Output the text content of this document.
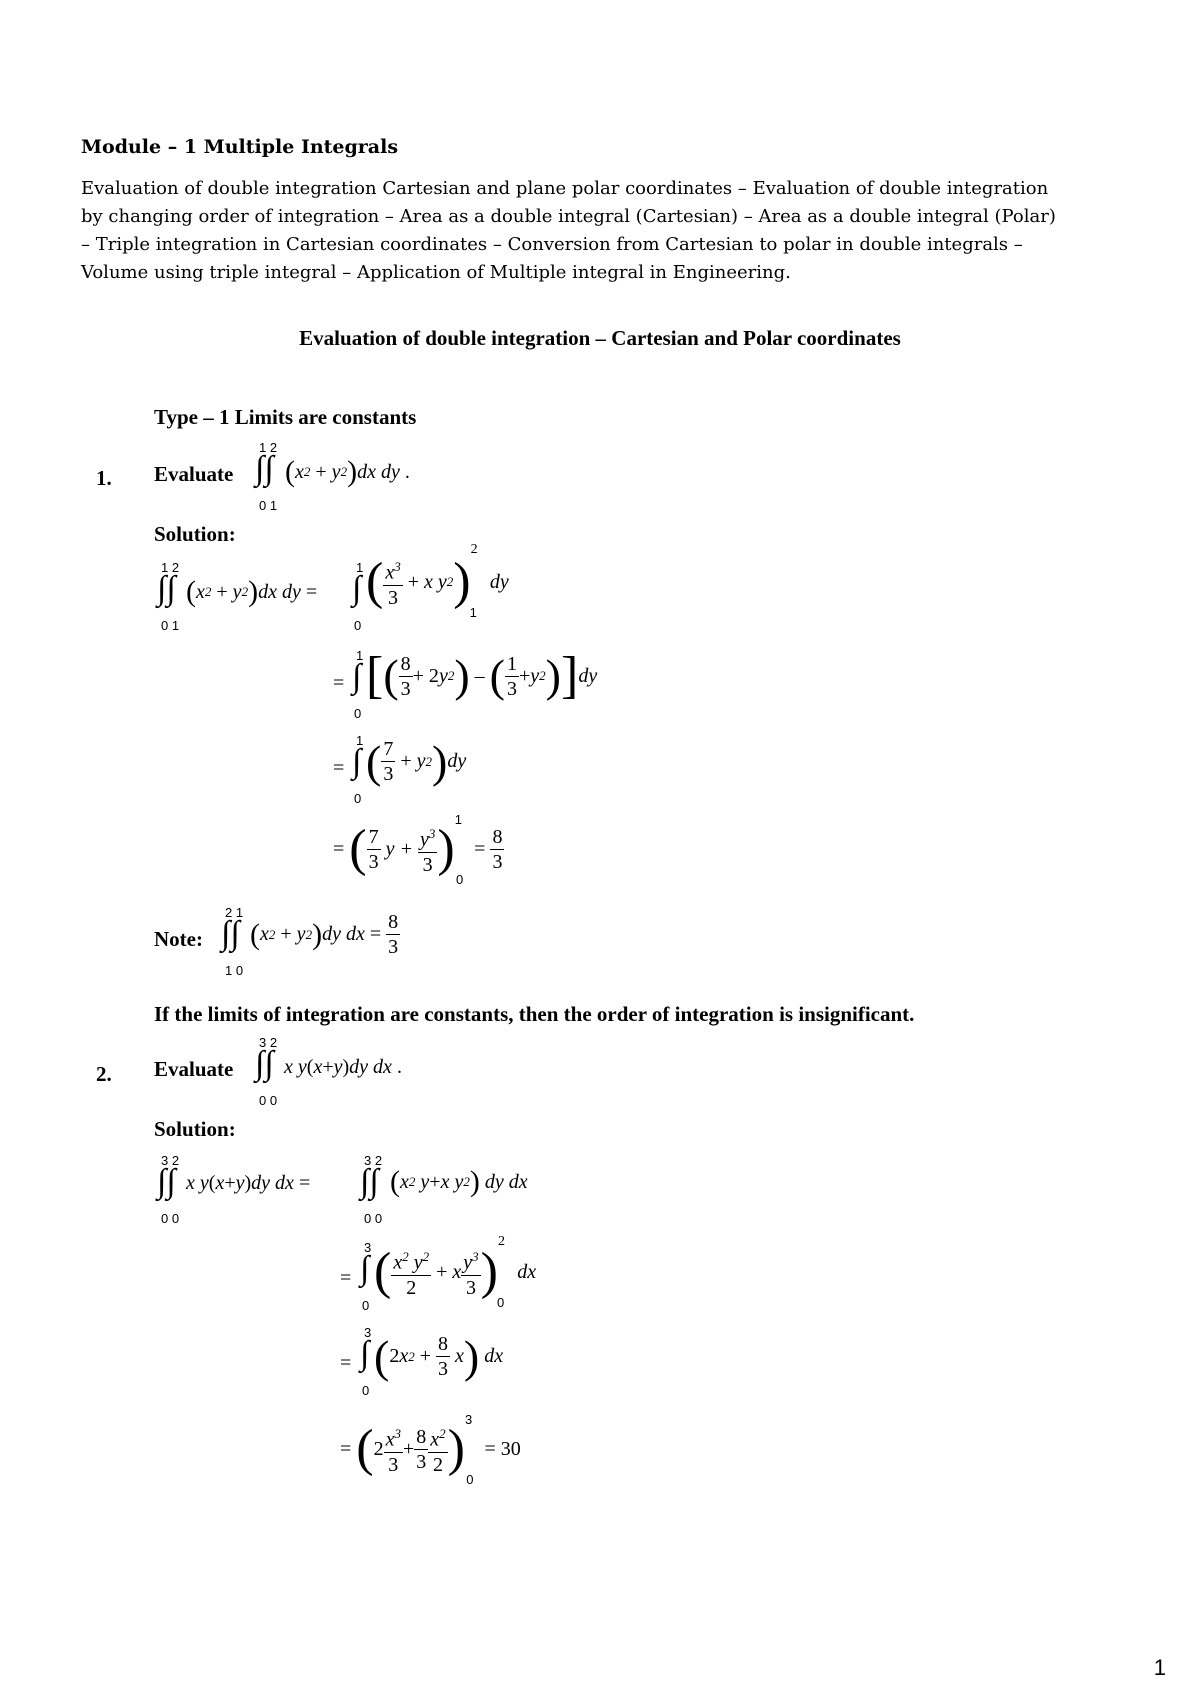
Module – 1 Multiple Integrals

Evaluation of double integration Cartesian and plane polar coordinates – Evaluation of double integration

by changing order of integration – Area as a double integral (Cartesian) – Area as a double integral (Polar)

– Triple integration in Cartesian coordinates – Conversion from Cartesian to polar in double integrals –

Volume using triple integral – Application of Multiple integral in Engineering.

Evaluation of double integration – Cartesian and Polar coordinates
Type – 1 Limits are constants
1. Evaluate
1 2
∫∫
0 1
( x 2 + y 2 ) dx dy .
Solution:
1 2
∫∫
0 1
( x 2 + y 2 ) dx dy =
1
∫
0
( $\frac{x^3}{3} + x$ y 2 )
2
1
dy
=
1
∫
0
[ ( $\frac{8}{3} + 2$ y 2 ) – ( $\frac{1}{3} + y$ 2 ) ] dy
=
1
∫
0
( $\frac{7}{3} + y$ 2 ) dy
= ( $\frac{7}{3}$ $y + \frac{y^3}{3}$ )
1
0
= $\frac{8}{3}$
Note:
2 1
∫∫
1 0
( x 2 + y 2 ) dy dx = $\frac{8}{3}$
If the limits of integration are constants, then the order of integration is insignificant.
2. Evaluate
3 2
∫∫
0 0
x y ( x + y ) dy dx .
Solution:
3 2
∫∫
0 0
x y ( x + y ) dy dx =
3 2
∫∫
0 0
( x 2 y + x y 2 ) dy dx
=
3
∫
0
( $\frac{x^2 y^2}{2} + x \frac{y^3}{3}$ )
2
0
dx
=
3
∫
0
( 2 x $2 + \frac{8}{3}$ x ) dx
= ( $2 \frac{x^3}{3} + \frac{8}{3} \frac{x^2}{2}$ )
3
0
= 30
1
